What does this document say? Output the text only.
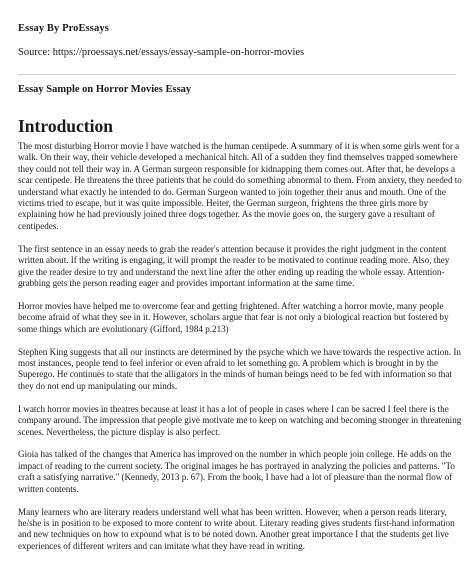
Essay By ProEssays
Source: https://proessays.net/essays/essay-sample-on-horror-movies
Essay Sample on Horror Movies Essay
Introduction

The most disturbing Horror movie I have watched is the human centipede. A summary of it is when some girls went for a walk. On their way, their vehicle developed a mechanical hitch. All of a sudden they find themselves trapped somewhere they could not tell their way in. A German surgeon responsible for kidnapping them comes out. After that, he develops a scar centipede. He threatens the three patients that he could do something abnormal to them. From anxiety, they needed to understand what exactly he intended to do. German Surgeon wanted to join together their anus and mouth. One of the victims tried to escape, but it was quite impossible. Heiter, the German surgeon, frightens the three girls more by explaining how he had previously joined three dogs together. As the movie goes on, the surgery gave a resultant of centipedes.

The first sentence in an essay needs to grab the reader's attention because it provides the right judgment in the content written about. If the writing is engaging, it will prompt the reader to be motivated to continue reading more. Also, they give the reader desire to try and understand the next line after the other ending up reading the whole essay. Attention-grabbing gets the person reading eager and provides important information at the same time.

Horror movies have helped me to overcome fear and getting frightened. After watching a horror movie, many people become afraid of what they see in it. However, scholars argue that fear is not only a biological reaction but fostered by some things which are evolutionary (Gifford, 1984 p.213)

Stephen King suggests that all our instincts are determined by the psyche which we have towards the respective action. In most instances, people tend to feel inferior or even afraid to let something go. A problem which is brought in by the Superego. He continues to state that the alligators in the minds of human beings need to be fed with information so that they do not end up manipulating our minds.

I watch horror movies in theatres because at least it has a lot of people in cases where I can be sacred I feel there is the company around. The impression that people give motivate me to keep on watching and becoming stronger in threatening scenes. Nevertheless, the picture display is also perfect.

Gioia has talked of the changes that America has improved on the number in which people join college. He adds on the impact of reading to the current society. The original images he has portrayed in analyzing the policies and patterns. "To craft a satisfying narrative." (Kennedy, 2013 p. 67). From the book, I have had a lot of pleasure than the normal flow of written contents.

Many learners who are literary readers understand well what has been written. However, when a person reads literary, he/she is in position to be exposed to more content to write about. Literary reading gives students first-hand information and new techniques on how to expound what is to be noted down. Another great importance I that the students get live experiences of different writers and can imitate what they have read in writing.
